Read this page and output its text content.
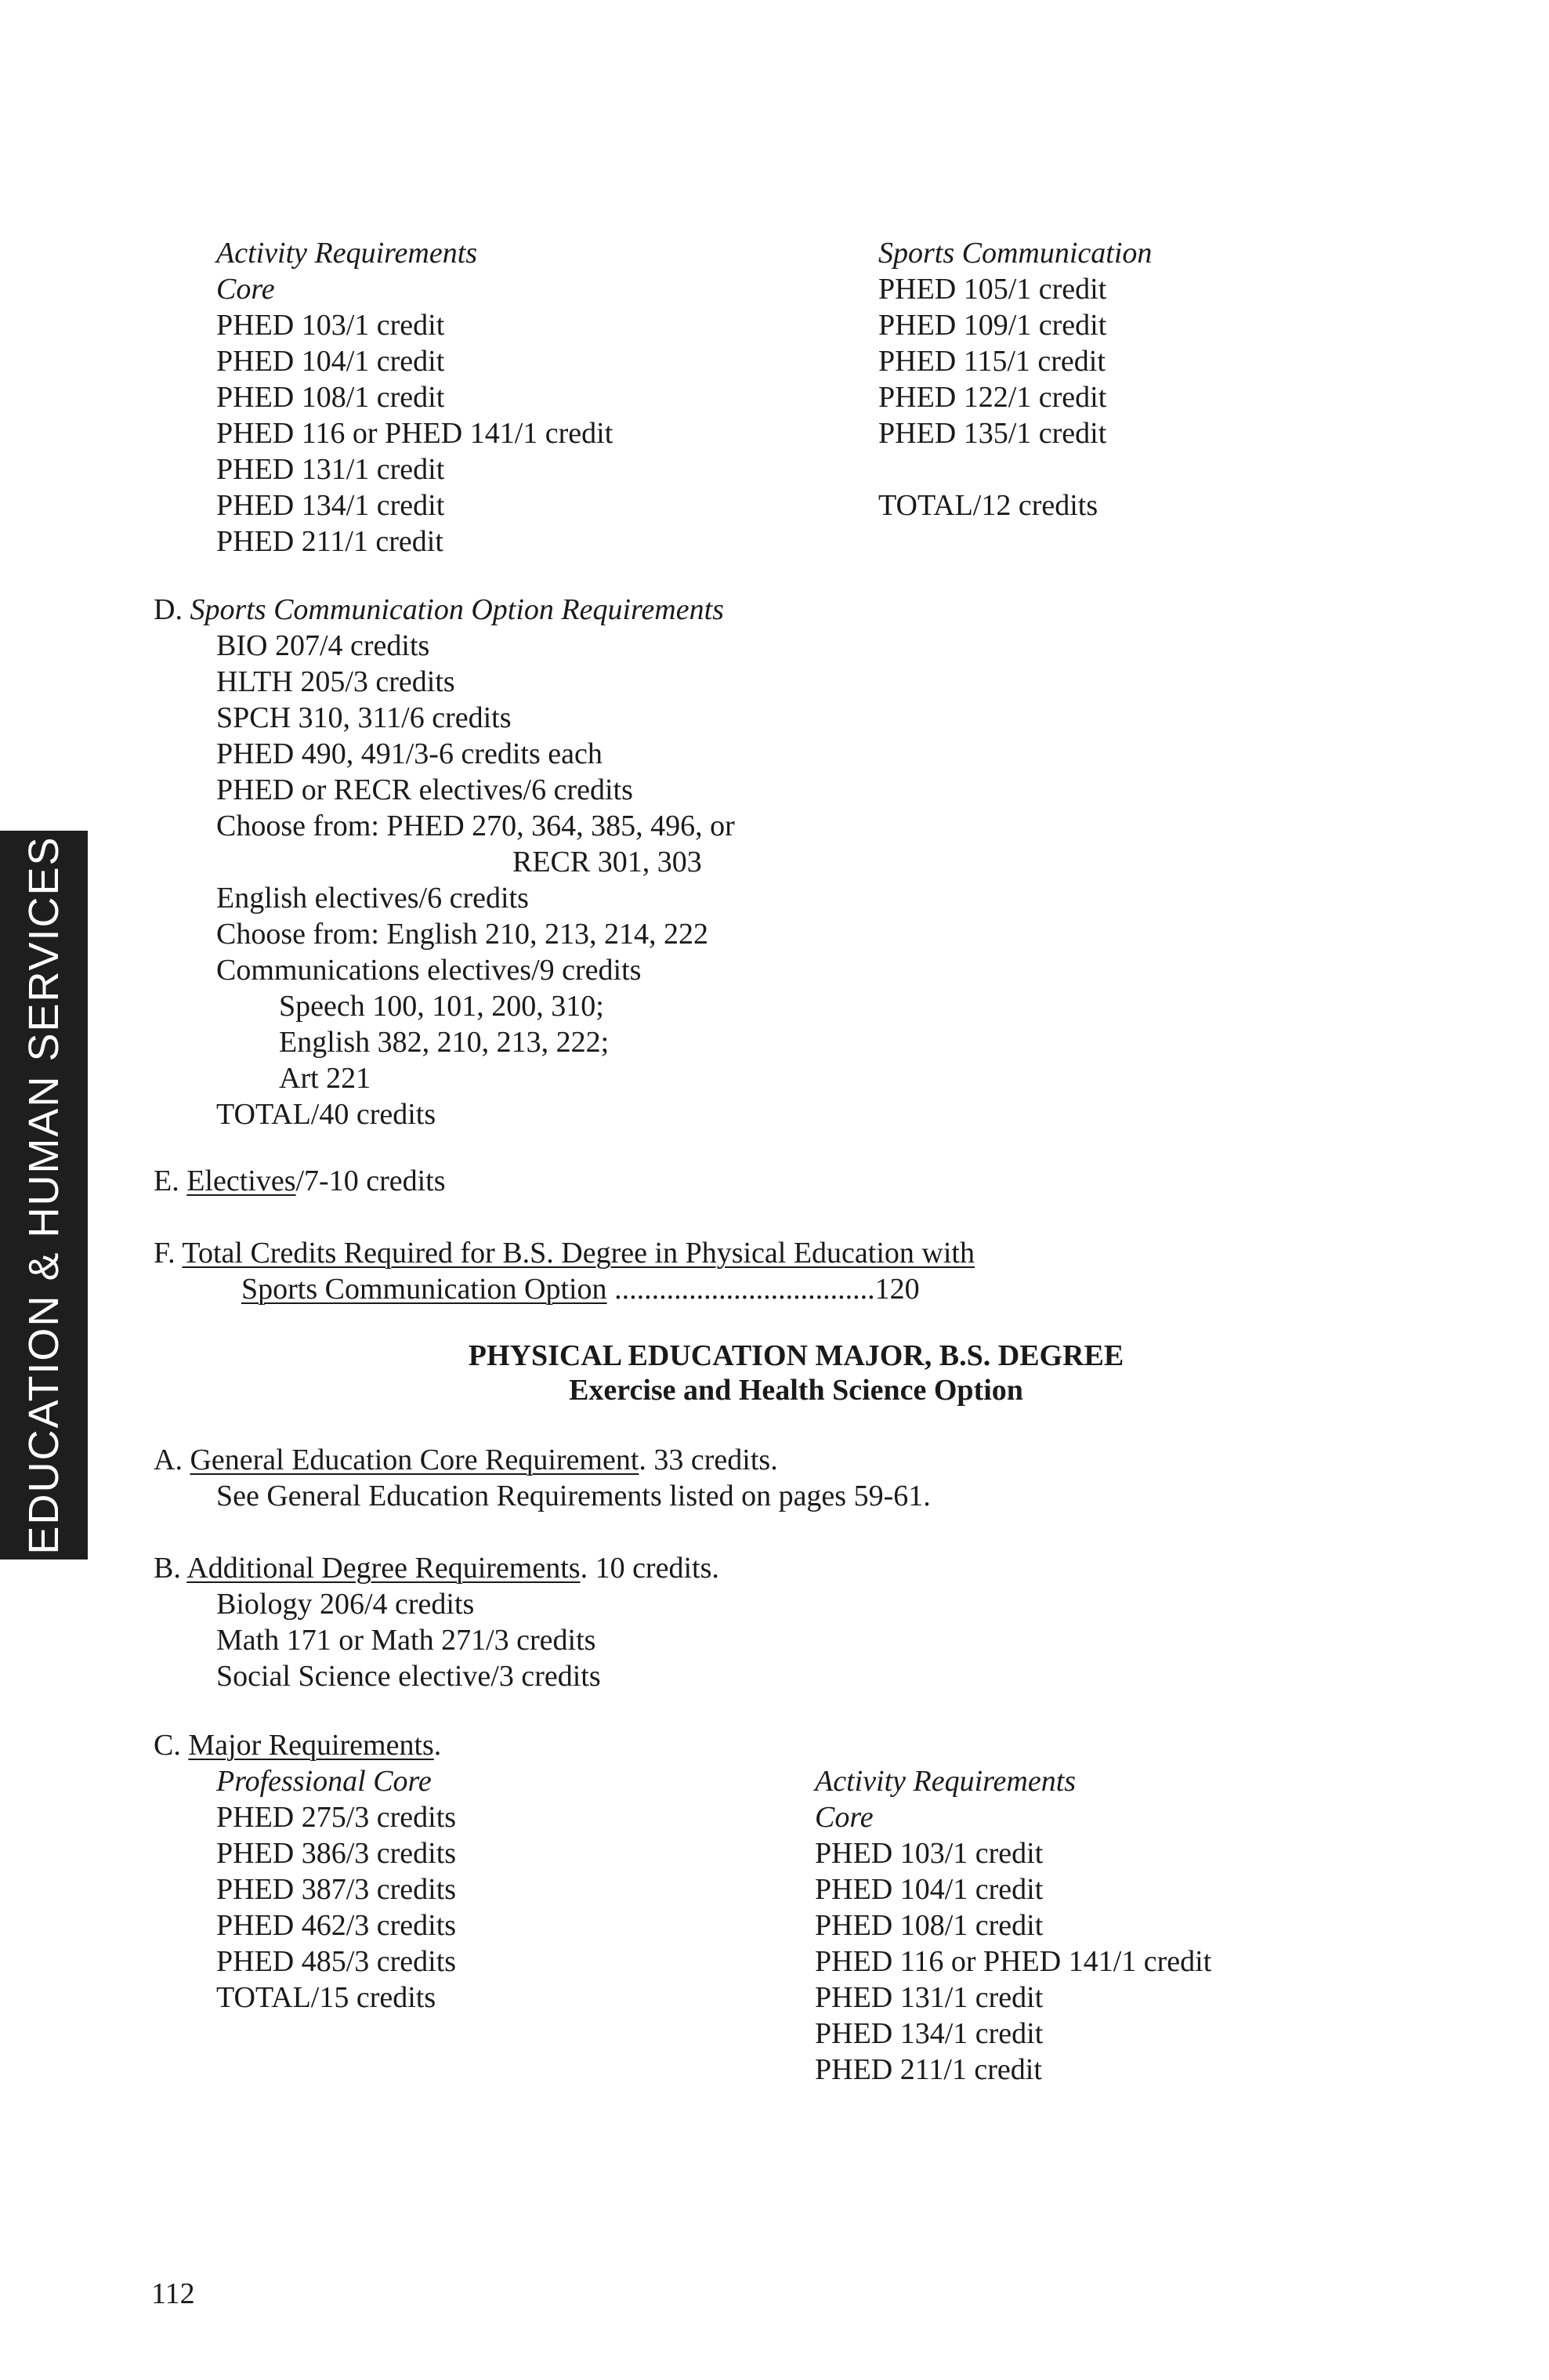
EDUCATION & HUMAN SERVICES
Activity Requirements
Core
PHED 103/1 credit
PHED 104/1 credit
PHED 108/1 credit
PHED 116 or PHED 141/1 credit
PHED 131/1 credit
PHED 134/1 credit
PHED 211/1 credit
Sports Communication
PHED 105/1 credit
PHED 109/1 credit
PHED 115/1 credit
PHED 122/1 credit
PHED 135/1 credit
TOTAL/12 credits
D. Sports Communication Option Requirements
BIO 207/4 credits
HLTH 205/3 credits
SPCH 310, 311/6 credits
PHED 490, 491/3-6 credits each
PHED or RECR electives/6 credits
Choose from: PHED 270, 364, 385, 496, or
RECR 301, 303
English electives/6 credits
Choose from: English 210, 213, 214, 222
Communications electives/9 credits
Speech 100, 101, 200, 310;
English 382, 210, 213, 222;
Art 221
TOTAL/40 credits
E. Electives/7-10 credits
F. Total Credits Required for B.S. Degree in Physical Education with
Sports Communication Option ...................................120
PHYSICAL EDUCATION MAJOR, B.S. DEGREE
Exercise and Health Science Option
A. General Education Core Requirement. 33 credits.
See General Education Requirements listed on pages 59-61.
B. Additional Degree Requirements. 10 credits.
Biology 206/4 credits
Math 171 or Math 271/3 credits
Social Science elective/3 credits
C. Major Requirements.
Professional Core
PHED 275/3 credits
PHED 386/3 credits
PHED 387/3 credits
PHED 462/3 credits
PHED 485/3 credits
TOTAL/15 credits
Activity Requirements
Core
PHED 103/1 credit
PHED 104/1 credit
PHED 108/1 credit
PHED 116 or PHED 141/1 credit
PHED 131/1 credit
PHED 134/1 credit
PHED 211/1 credit
112
